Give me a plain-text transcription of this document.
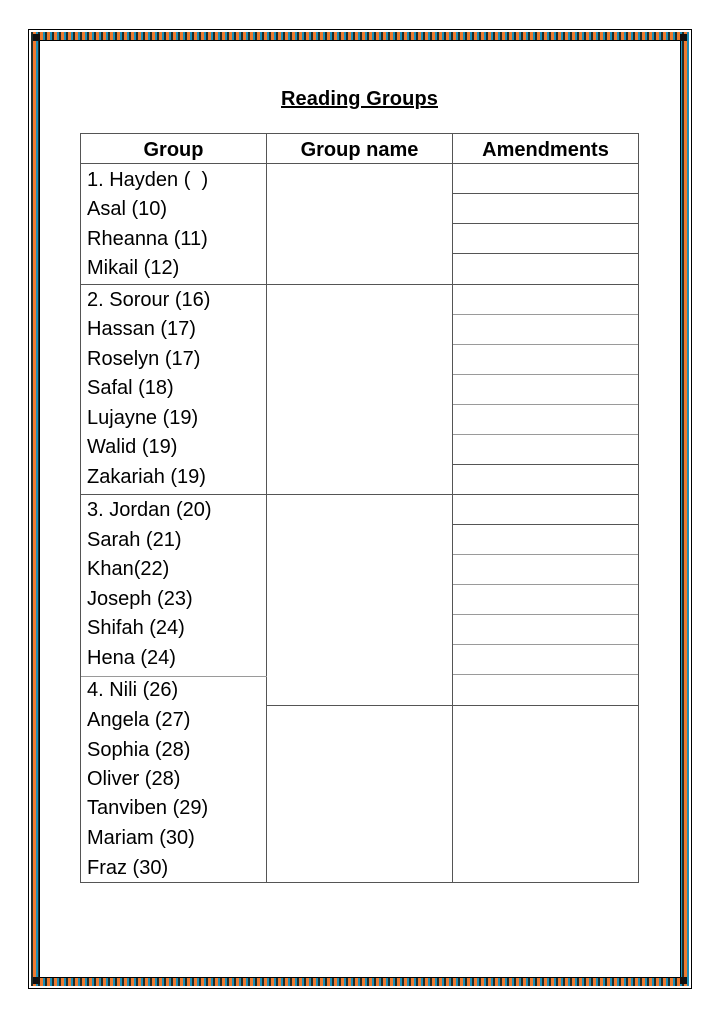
Reading Groups
Group	Group name	Amendments
1. Hayden (  )
Asal (10)
Rheanna (11)
Mikail (12)
2. Sorour (16)
Hassan (17)
Roselyn (17)
Safal (18)
Lujayne (19)
Walid (19)
Zakariah (19)
3. Jordan (20)
Sarah (21)
Khan(22)
Joseph (23)
Shifah (24)
Hena (24)
4. Nili (26)
Angela (27)
Sophia (28)
Oliver (28)
Tanviben (29)
Mariam (30)
Fraz (30)
